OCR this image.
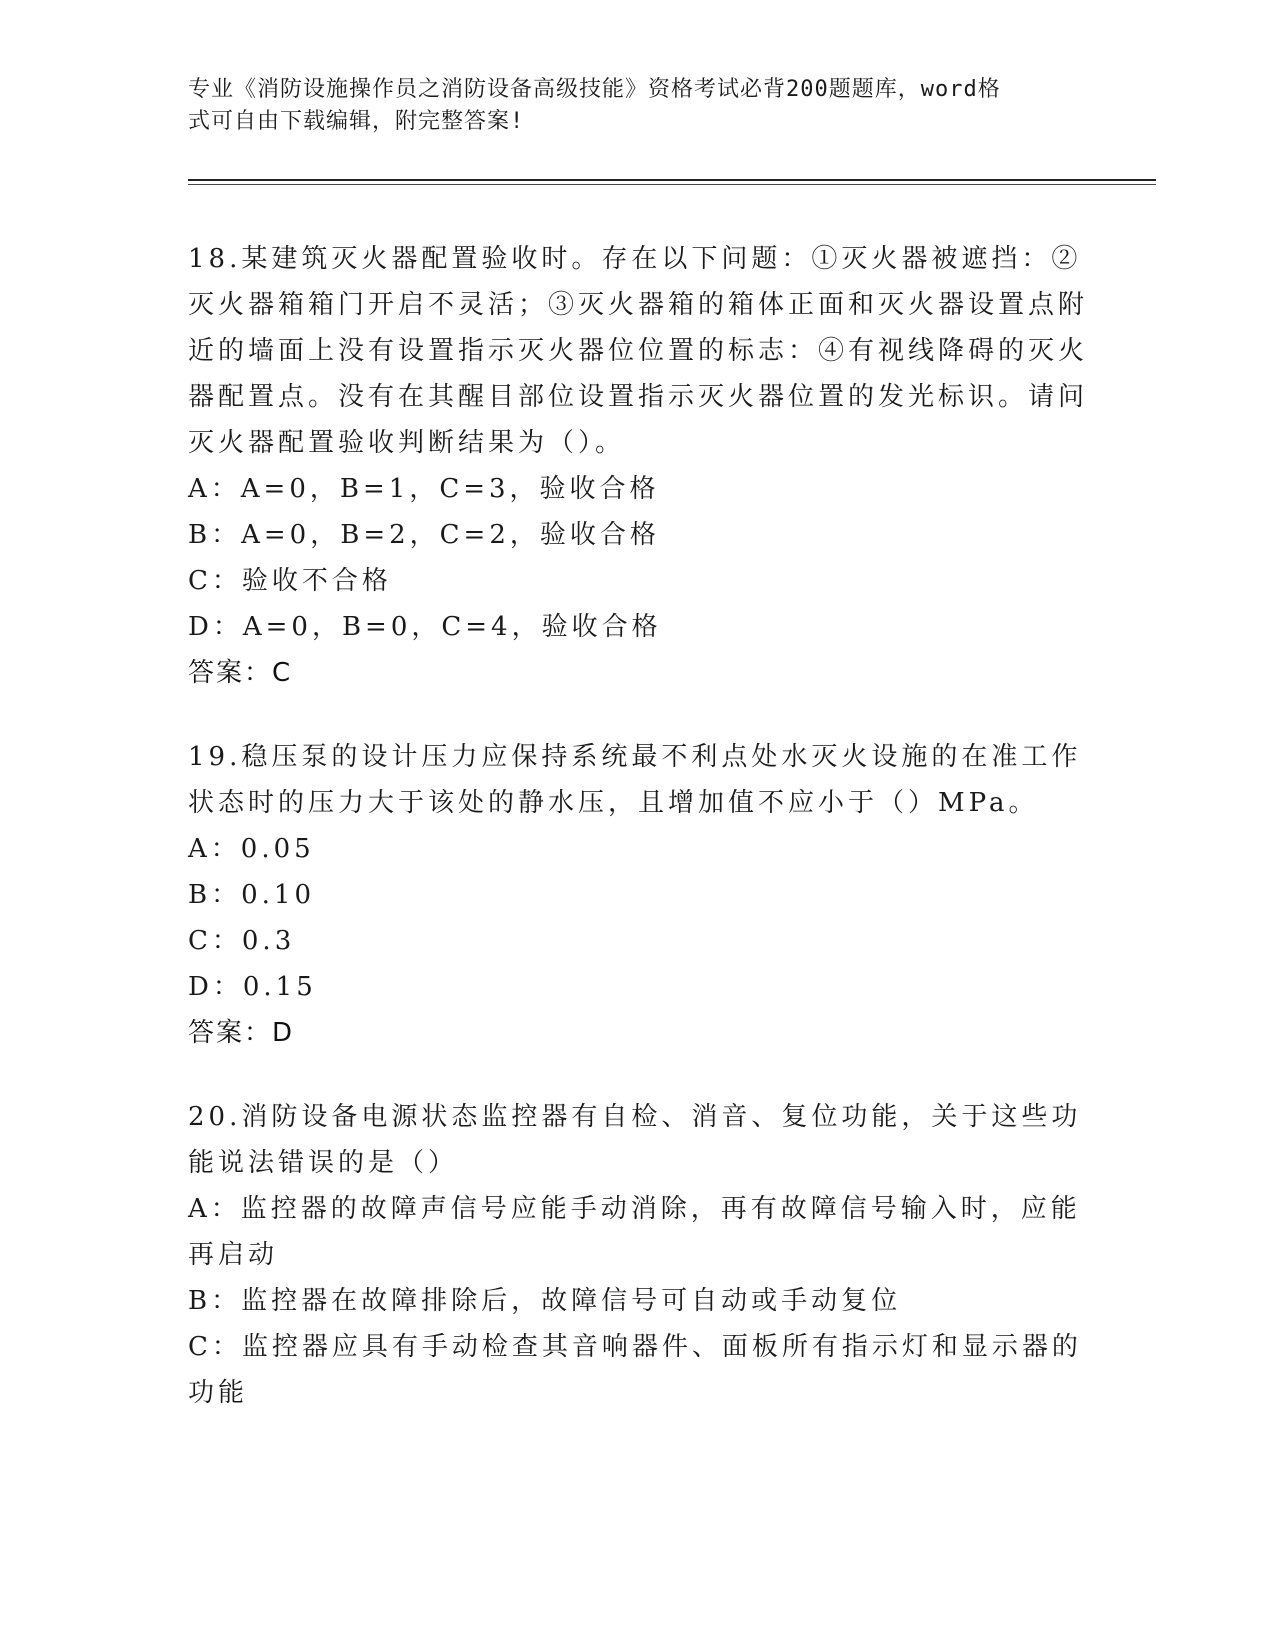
专业《消防设施操作员之消防设备高级技能》资格考试必背200题题库，word格
式可自由下载编辑，附完整答案!

18.某建筑灭火器配置验收时。存在以下问题：①灭火器被遮挡：②灭火器箱箱门开启不灵活；③灭火器箱的箱体正面和灭火器设置点附近的墙面上没有设置指示灭火器位位置的标志：④有视线降碍的灭火器配置点。没有在其醒目部位设置指示灭火器位置的发光标识。请问灭火器配置验收判断结果为（）。

A：A=0，B=1，C=3，验收合格

B：A=0，B=2，C=2，验收合格

C：验收不合格

D：A=0，B=0，C=4，验收合格

答案：C

19.稳压泵的设计压力应保持系统最不利点处水灭火设施的在准工作状态时的压力大于该处的静水压，且增加值不应小于（）MPa。

A：0.05

B：0.10

C：0.3

D：0.15

答案：D

20.消防设备电源状态监控器有自检、消音、复位功能，关于这些功能说法错误的是（）

A：监控器的故障声信号应能手动消除，再有故障信号输入时，应能再启动

B：监控器在故障排除后，故障信号可自动或手动复位

C：监控器应具有手动检查其音响器件、面板所有指示灯和显示器的功能
